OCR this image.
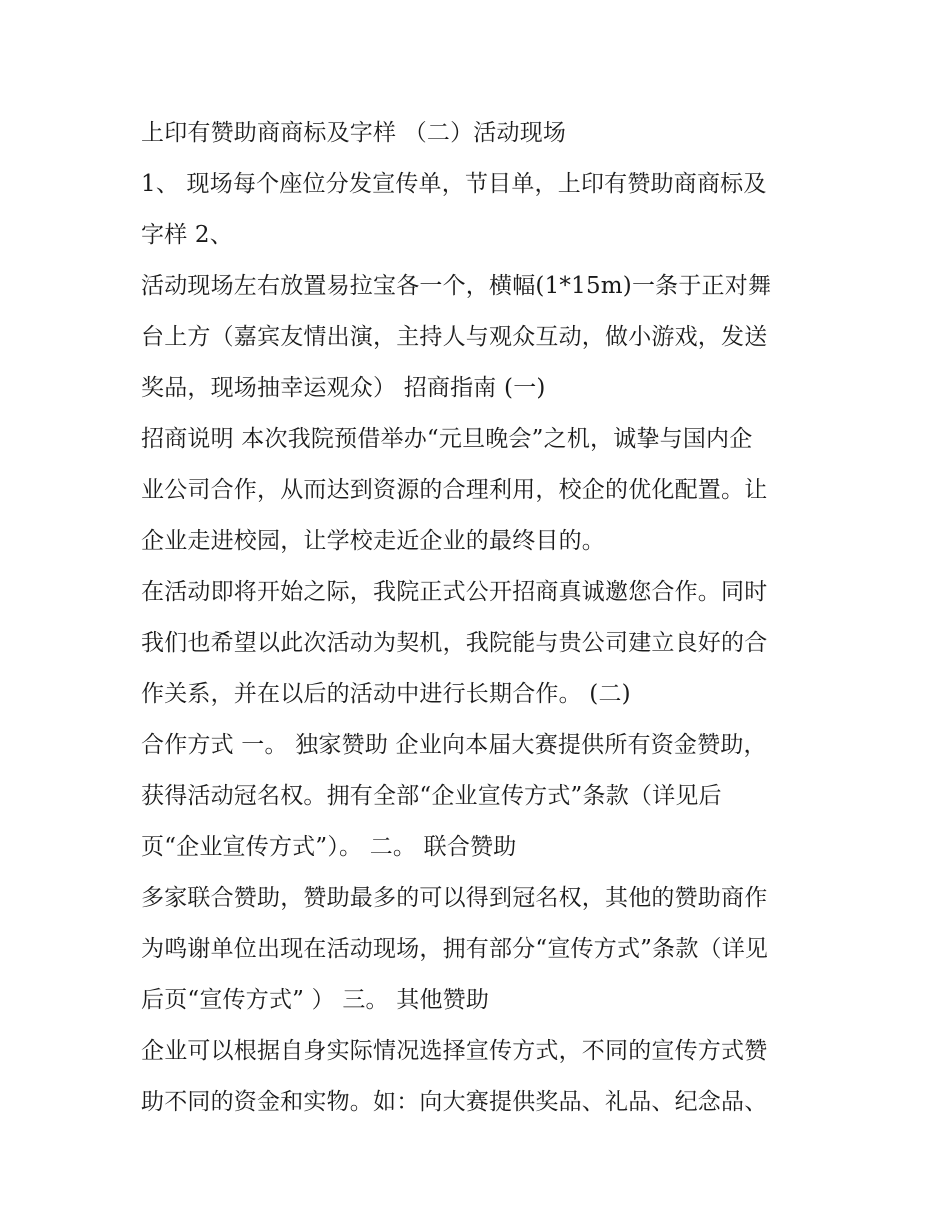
上印有赞助商商标及字样 （二）活动现场
1、 现场每个座位分发宣传单，节目单，上印有赞助商商标及
字样 2、
活动现场左右放置易拉宝各一个，横幅(1*15m)一条于正对舞
台上方（嘉宾友情出演，主持人与观众互动，做小游戏，发送
奖品，现场抽幸运观众） 招商指南 (一)
招商说明 本次我院预借举办“元旦晚会”之机，诚挚与国内企
业公司合作，从而达到资源的合理利用，校企的优化配置。让
企业走进校园，让学校走近企业的最终目的。
在活动即将开始之际，我院正式公开招商真诚邀您合作。同时
我们也希望以此次活动为契机，我院能与贵公司建立良好的合
作关系，并在以后的活动中进行长期合作。 (二)
合作方式 一。 独家赞助 企业向本届大赛提供所有资金赞助，
获得活动冠名权。拥有全部“企业宣传方式”条款（详见后
页“企业宣传方式”）。 二。 联合赞助
多家联合赞助，赞助最多的可以得到冠名权，其他的赞助商作
为鸣谢单位出现在活动现场，拥有部分“宣传方式”条款（详见
后页“宣传方式” ） 三。 其他赞助
企业可以根据自身实际情况选择宣传方式，不同的宣传方式赞
助不同的资金和实物。如：向大赛提供奖品、礼品、纪念品、
